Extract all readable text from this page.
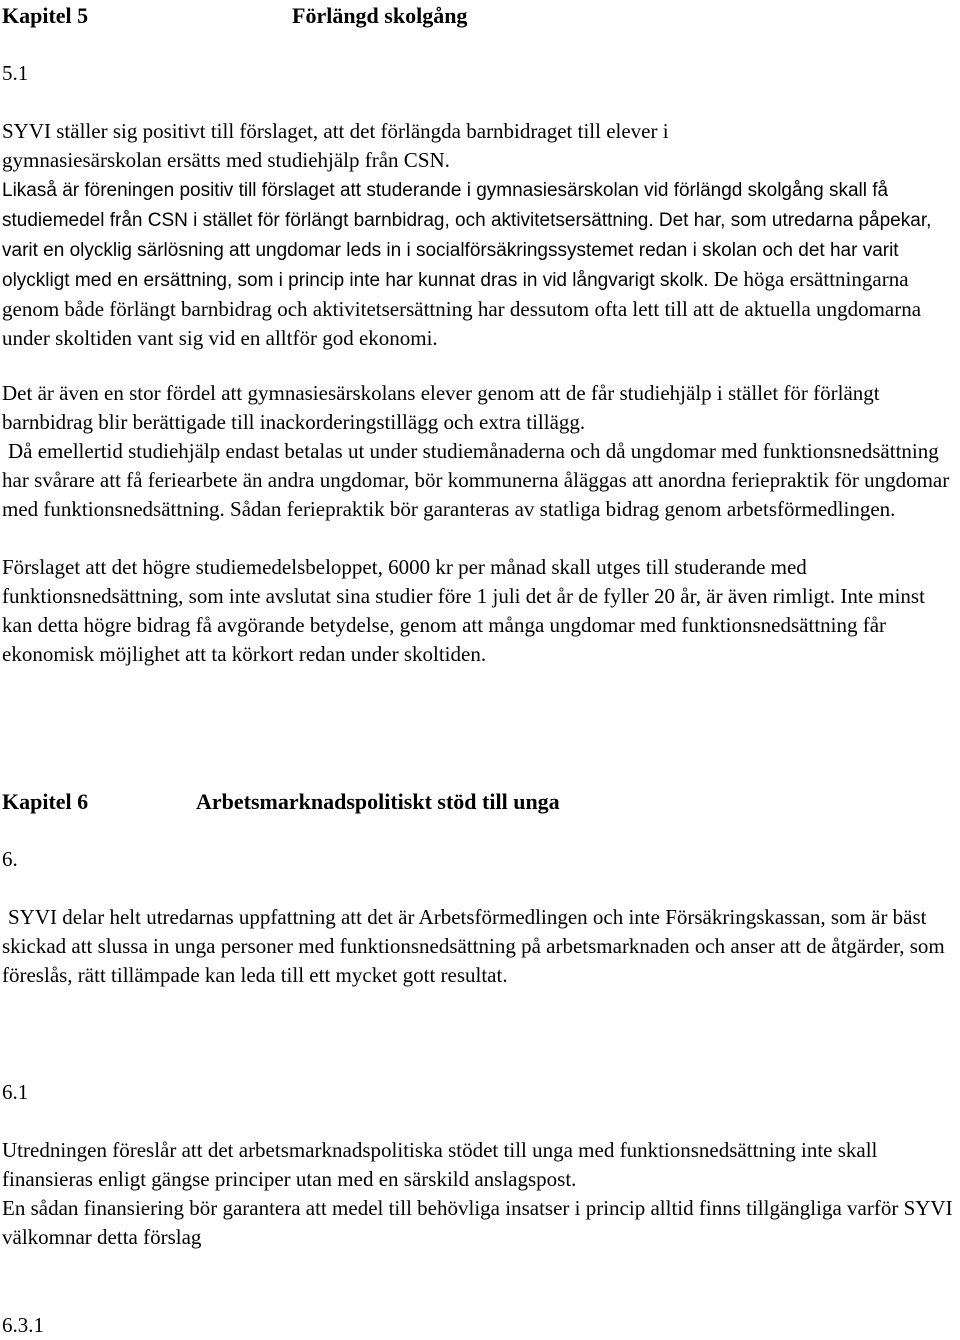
Kapitel 5	Förlängd skolgång
5.1
SYVI ställer sig positivt till förslaget, att det förlängda barnbidraget till elever i gymnasiesärskolan ersätts med studiehjälp från CSN.
Likaså är föreningen positiv till förslaget att studerande i gymnasiesärskolan vid förlängd skolgång skall få studiemedel från CSN i stället för förlängt barnbidrag, och aktivitetsersättning. Det har, som utredarna påpekar, varit en olycklig särlösning att ungdomar leds in i socialförsäkringssystemet redan i skolan och det har varit olyckligt med en ersättning, som i princip inte har kunnat dras in vid långvarigt skolk. De höga ersättningarna genom både förlängt barnbidrag och aktivitetsersättning har dessutom ofta lett till att de aktuella ungdomarna under skoltiden vant sig vid en alltför god ekonomi.
Det är även en stor fördel att gymnasiesärskolans elever genom att de får studiehjälp i stället för förlängt barnbidrag blir berättigade till inackorderingstillägg och extra tillägg.
Då emellertid studiehjälp endast betalas ut under studiemånaderna och då ungdomar med funktionsnedsättning har svårare att få feriearbete än andra ungdomar, bör kommunerna åläggas att anordna feriepraktik för ungdomar med funktionsnedsättning. Sådan feriepraktik bör garanteras av statliga bidrag genom arbetsförmedlingen.
Förslaget att det högre studiemedelsbeloppet, 6000 kr per månad skall utges till studerande med funktionsnedsättning, som inte avslutat sina studier före 1 juli det år de fyller 20 år, är även rimligt. Inte minst kan detta högre bidrag få avgörande betydelse, genom att många ungdomar med funktionsnedsättning får ekonomisk möjlighet att ta körkort redan under skoltiden.
Kapitel 6	Arbetsmarknadspolitiskt stöd till unga
6.
SYVI delar helt utredarnas uppfattning att det är Arbetsförmedlingen och inte Försäkringskassan, som är bäst skickad att slussa in unga personer med funktionsnedsättning på arbetsmarknaden och anser att de åtgärder, som föreslås, rätt tillämpade kan leda till ett mycket gott resultat.
6.1
Utredningen föreslår att det arbetsmarknadspolitiska stödet till unga med funktionsnedsättning inte skall finansieras enligt gängse principer utan med en särskild anslagspost.
En sådan finansiering bör garantera att medel till behövliga insatser i princip alltid finns tillgängliga varför SYVI välkomnar detta förslag
6.3.1
